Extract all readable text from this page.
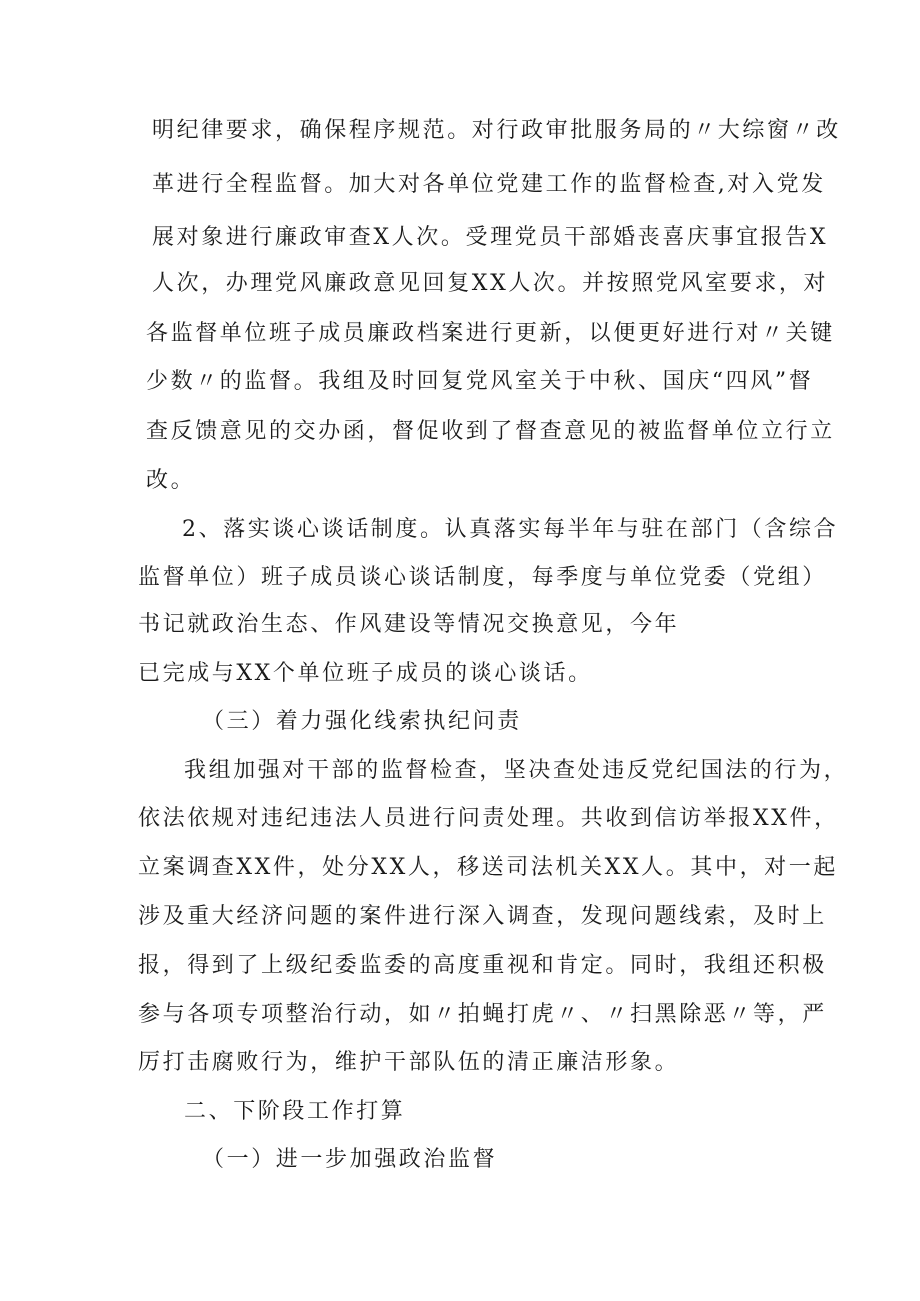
明纪律要求，确保程序规范。对行政审批服务局的〃大综窗〃改
革进行全程监督。加大对各单位党建工作的监督检查,对入党发
展对象进行廉政审查X人次。受理党员干部婚丧喜庆事宜报告X
人次，办理党风廉政意见回复XX人次。并按照党风室要求，对
各监督单位班子成员廉政档案进行更新，以便更好进行对〃关键
少数〃的监督。我组及时回复党风室关于中秋、国庆“四风”督
查反馈意见的交办函，督促收到了督查意见的被监督单位立行立
改。
2、落实谈心谈话制度。认真落实每半年与驻在部门（含综合
监督单位）班子成员谈心谈话制度，每季度与单位党委（党组）
书记就政治生态、作风建设等情况交换意见，今年
已完成与XX个单位班子成员的谈心谈话。
（三）着力强化线索执纪问责
我组加强对干部的监督检查，坚决查处违反党纪国法的行为，
依法依规对违纪违法人员进行问责处理。共收到信访举报XX件，
立案调查XX件，处分XX人，移送司法机关XX人。其中，对一起
涉及重大经济问题的案件进行深入调查，发现问题线索，及时上
报，得到了上级纪委监委的高度重视和肯定。同时，我组还积极
参与各项专项整治行动，如〃拍蝇打虎〃、〃扫黑除恶〃等，严
厉打击腐败行为，维护干部队伍的清正廉洁形象。
二、下阶段工作打算
（一）进一步加强政治监督
